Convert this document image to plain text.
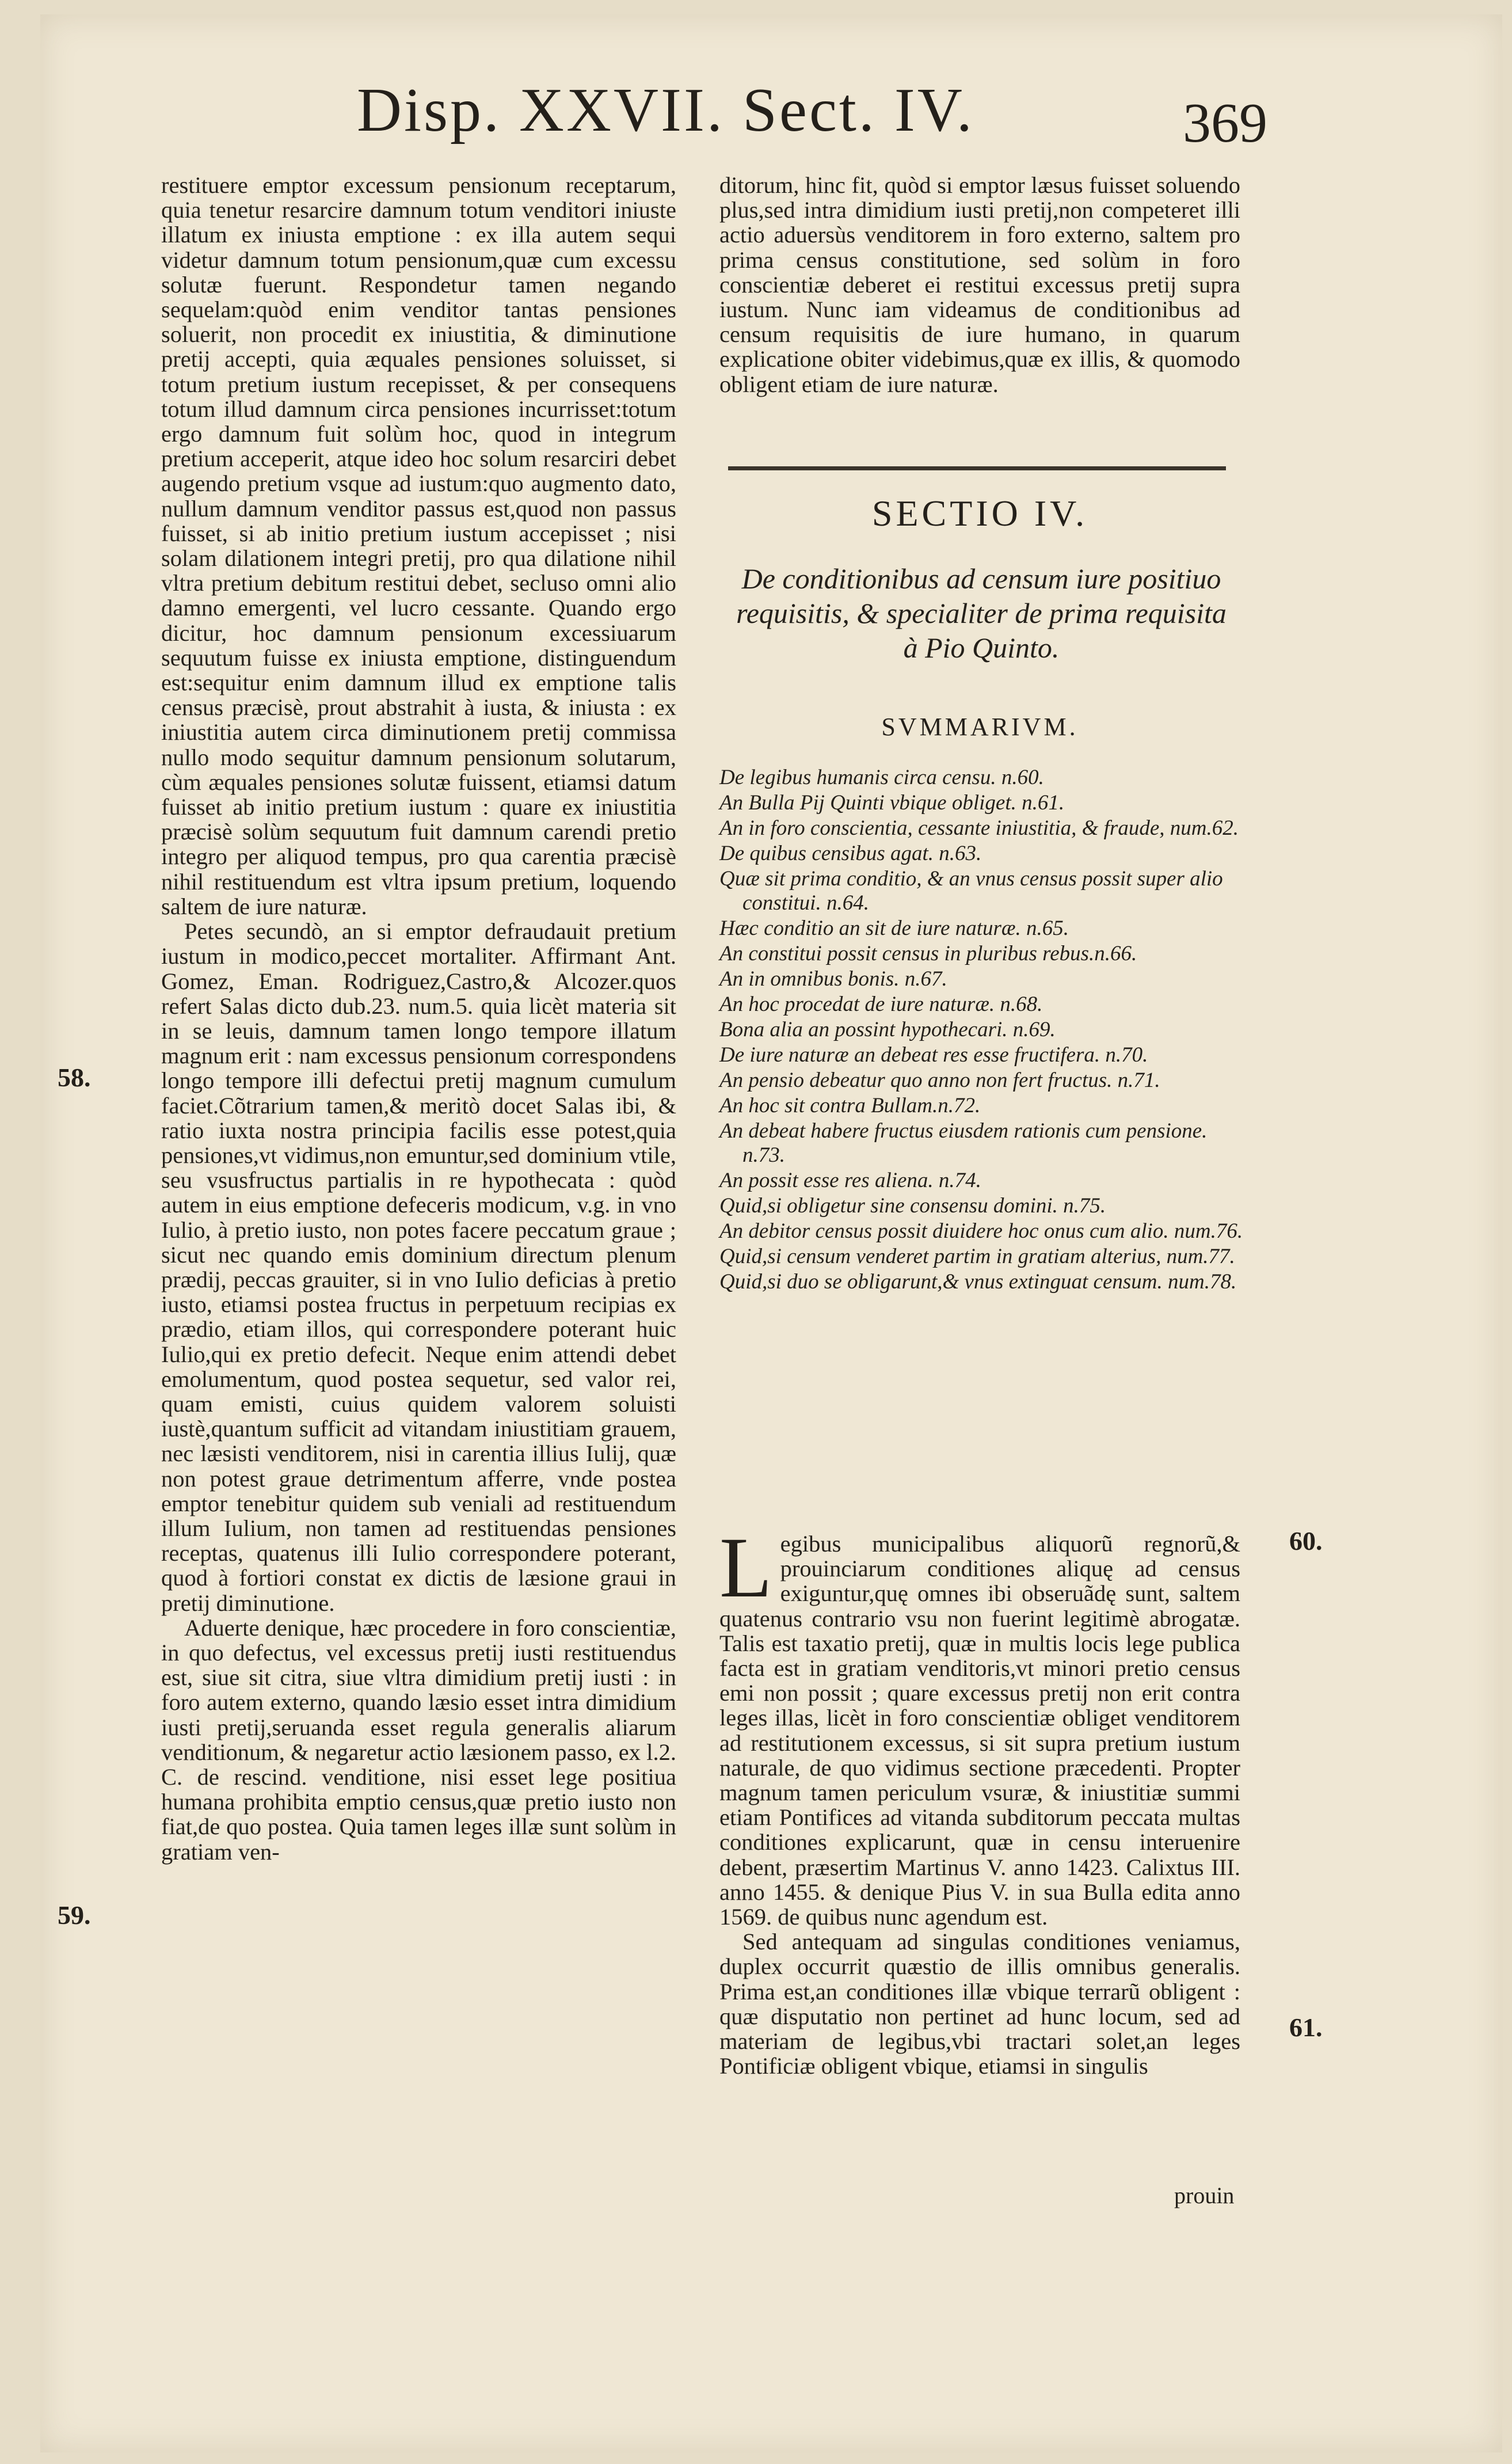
Disp. XXVII. Sect. IV.	369

restituere emptor excessum pensionum receptarum, quia tenetur resarcire damnum totum venditori iniuste illatum ex iniusta emptione : ex illa autem sequi videtur damnum totum pensionum,quæ cum excessu solutæ fuerunt. Respondetur tamen negando sequelam:quòd enim venditor tantas pensiones soluerit, non procedit ex iniustitia, & diminutione pretij accepti, quia æquales pensiones soluisset, si totum pretium iustum recepisset, & per consequens totum illud damnum circa pensiones incurrisset:totum ergo damnum fuit solùm hoc, quod in integrum pretium acceperit, atque ideo hoc solum resarciri debet augendo pretium vsque ad iustum:quo augmento dato, nullum damnum venditor passus est,quod non passus fuisset, si ab initio pretium iustum accepisset ; nisi solam dilationem integri pretij, pro qua dilatione nihil vltra pretium debitum restitui debet, secluso omni alio damno emergenti, vel lucro cessante. Quando ergo dicitur, hoc damnum pensionum excessiuarum sequutum fuisse ex iniusta emptione, distinguendum est:sequitur enim damnum illud ex emptione talis census præcisè, prout abstrahit à iusta, & iniusta : ex iniustitia autem circa diminutionem pretij commissa nullo modo sequitur damnum pensionum solutarum, cùm æquales pensiones solutæ fuissent, etiamsi datum fuisset ab initio pretium iustum : quare ex iniustitia præcisè solùm sequutum fuit damnum carendi pretio integro per aliquod tempus, pro qua carentia præcisè nihil restituendum est vltra ipsum pretium, loquendo saltem de iure naturæ.

Petes secundò, an si emptor defraudauit pretium iustum in modico,peccet mortaliter. Affirmant Ant. Gomez, Eman. Rodriguez,Castro,& Alcozer.quos refert Salas dicto dub.23. num.5. quia licèt materia sit in se leuis, damnum tamen longo tempore illatum magnum erit : nam excessus pensionum correspondens longo tempore illi defectui pretij magnum cumulum faciet.Cõtrarium tamen,& meritò docet Salas ibi, & ratio iuxta nostra principia facilis esse potest,quia pensiones,vt vidimus,non emuntur,sed dominium vtile, seu vsusfructus partialis in re hypothecata : quòd autem in eius emptione defeceris modicum, v.g. in vno Iulio, à pretio iusto, non potes facere peccatum graue ; sicut nec quando emis dominium directum plenum prædij, peccas grauiter, si in vno Iulio deficias à pretio iusto, etiamsi postea fructus in perpetuum recipias ex prædio, etiam illos, qui correspondere poterant huic Iulio,qui ex pretio defecit. Neque enim attendi debet emolumentum, quod postea sequetur, sed valor rei, quam emisti, cuius quidem valorem soluisti iustè,quantum sufficit ad vitandam iniustitiam grauem, nec læsisti venditorem, nisi in carentia illius Iulij, quæ non potest graue detrimentum afferre, vnde postea emptor tenebitur quidem sub veniali ad restituendum illum Iulium, non tamen ad restituendas pensiones receptas, quatenus illi Iulio correspondere poterant, quod à fortiori constat ex dictis de læsione graui in pretij diminutione.

Aduerte denique, hæc procedere in foro conscientiæ, in quo defectus, vel excessus pretij iusti restituendus est, siue sit citra, siue vltra dimidium pretij iusti : in foro autem externo, quando læsio esset intra dimidium iusti pretij,seruanda esset regula generalis aliarum venditionum, & negaretur actio læsionem passo, ex l.2. C. de rescind. venditione, nisi esset lege positiua humana prohibita emptio census,quæ pretio iusto non fiat,de quo postea. Quia tamen leges illæ sunt solùm in gratiam ven-

58.
59.
60.
61.
ditorum, hinc fit, quòd si emptor læsus fuisset soluendo plus,sed intra dimidium iusti pretij,non competeret illi actio aduersùs venditorem in foro externo, saltem pro prima census constitutione, sed solùm in foro conscientiæ deberet ei restitui excessus pretij supra iustum. Nunc iam videamus de conditionibus ad censum requisitis de iure humano, in quarum explicatione obiter videbimus,quæ ex illis, & quomodo obligent etiam de iure naturæ.
SECTIO IV.
De conditionibus ad censum iure positiuo requisitis, & specialiter de prima requisita à Pio Quinto.
SVMMARIVM.
De legibus humanis circa censu. n.60.
An Bulla Pij Quinti vbique obliget. n.61.
An in foro conscientia, cessante iniustitia, & fraude, num.62.
De quibus censibus agat. n.63.
Quæ sit prima conditio, & an vnus census possit super alio constitui. n.64.
Hæc conditio an sit de iure naturæ. n.65.
An constitui possit census in pluribus rebus.n.66.
An in omnibus bonis. n.67.
An hoc procedat de iure naturæ. n.68.
Bona alia an possint hypothecari. n.69.
De iure naturæ an debeat res esse fructifera. n.70.
An pensio debeatur quo anno non fert fructus. n.71.
An hoc sit contra Bullam.n.72.
An debeat habere fructus eiusdem rationis cum pensione. n.73.
An possit esse res aliena. n.74.
Quid,si obligetur sine consensu domini. n.75.
An debitor census possit diuidere hoc onus cum alio. num.76.
Quid,si censum venderet partim in gratiam alterius, num.77.
Quid,si duo se obligarunt,& vnus extinguat censum. num.78.

Legibus municipalibus aliquorũ regnorũ,& prouinciarum conditiones aliquę ad census exiguntur,quę omnes ibi obseruãdę sunt, saltem quatenus contrario vsu non fuerint legitimè abrogatæ. Talis est taxatio pretij, quæ in multis locis lege publica facta est in gratiam venditoris,vt minori pretio census emi non possit ; quare excessus pretij non erit contra leges illas, licèt in foro conscientiæ obliget venditorem ad restitutionem excessus, si sit supra pretium iustum naturale, de quo vidimus sectione præcedenti. Propter magnum tamen periculum vsuræ, & iniustitiæ summi etiam Pontifices ad vitanda subditorum peccata multas conditiones explicarunt, quæ in censu interuenire debent, præsertim Martinus V. anno 1423. Calixtus III. anno 1455. & denique Pius V. in sua Bulla edita anno 1569. de quibus nunc agendum est.

Sed antequam ad singulas conditiones veniamus, duplex occurrit quæstio de illis omnibus generalis. Prima est,an conditiones illæ vbique terrarũ obligent : quæ disputatio non pertinet ad hunc locum, sed ad materiam de legibus,vbi tractari solet,an leges Pontificiæ obligent vbique, etiamsi in singulis

prouin
